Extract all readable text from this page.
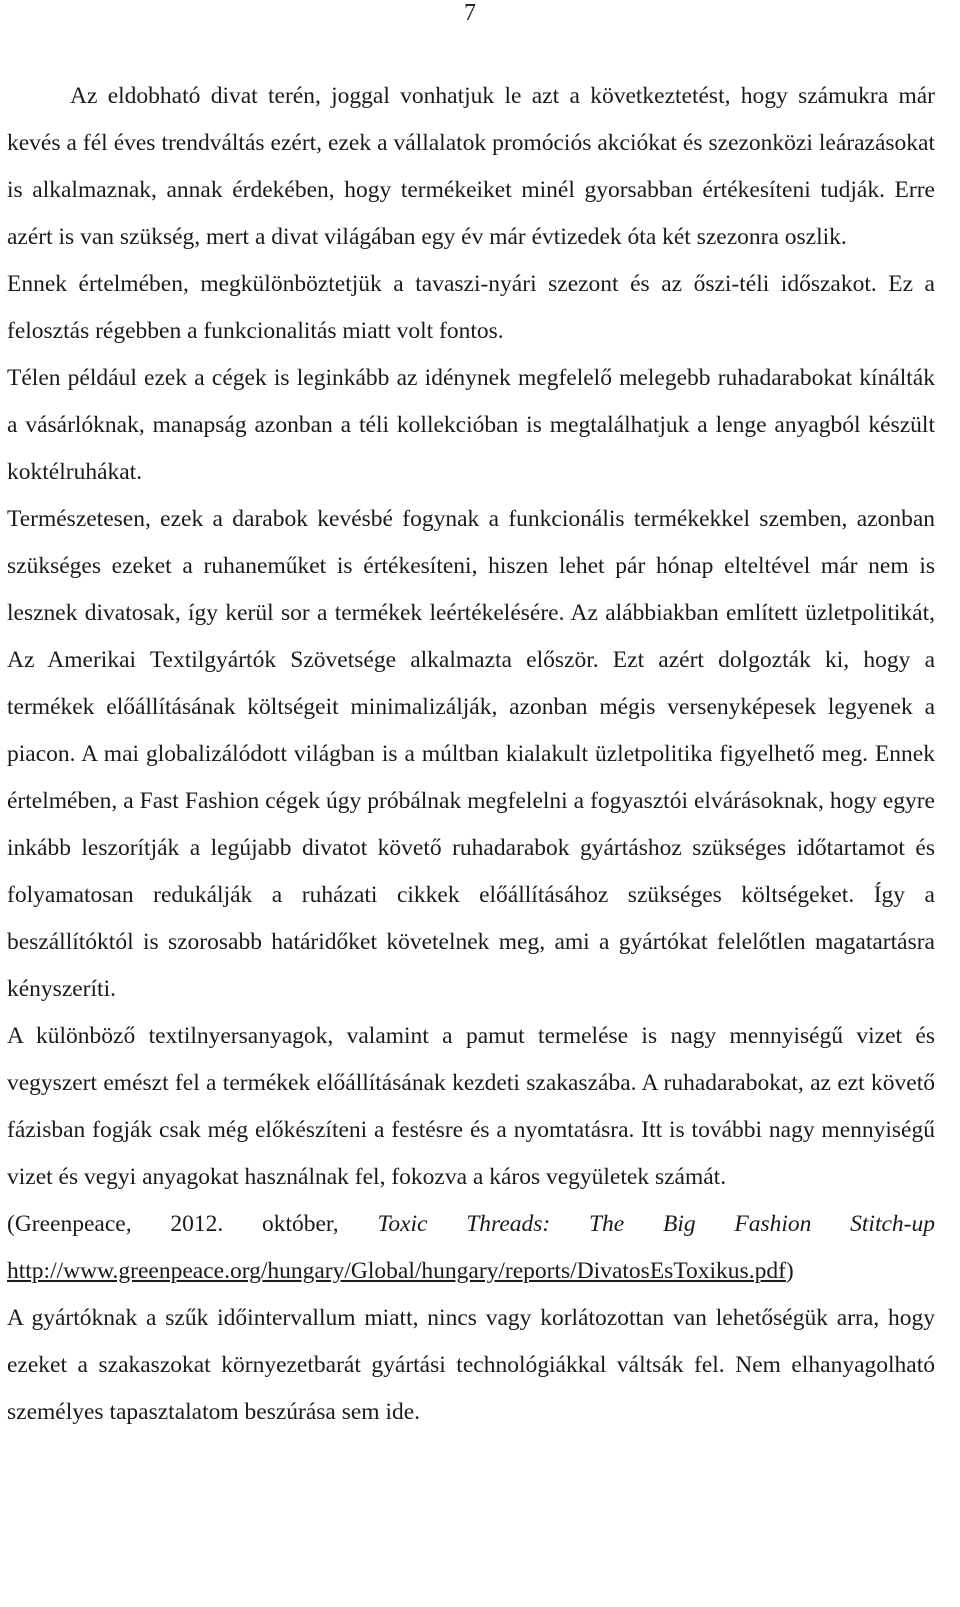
7

Az eldobható divat terén, joggal vonhatjuk le azt a következtetést, hogy számukra már kevés a fél éves trendváltás ezért, ezek a vállalatok promóciós akciókat és szezonközi leárazásokat is alkalmaznak, annak érdekében, hogy termékeiket minél gyorsabban értékesíteni tudják. Erre azért is van szükség, mert a divat világában egy év már évtizedek óta két szezonra oszlik.

Ennek értelmében, megkülönböztetjük a tavaszi-nyári szezont és az őszi-téli időszakot. Ez a felosztás régebben a funkcionalitás miatt volt fontos.

Télen például ezek a cégek is leginkább az idénynek megfelelő melegebb ruhadarabokat kínálták a vásárlóknak, manapság azonban a téli kollekcióban is megtalálhatjuk a lenge anyagból készült koktélruhákat.

Természetesen, ezek a darabok kevésbé fogynak a funkcionális termékekkel szemben, azonban szükséges ezeket a ruhaneműket is értékesíteni, hiszen lehet pár hónap elteltével már nem is lesznek divatosak, így kerül sor a termékek leértékelésére. Az alábbiakban említett üzletpolitikát, Az Amerikai Textilgyártók Szövetsége alkalmazta először. Ezt azért dolgozták ki, hogy a termékek előállításának költségeit minimalizálják, azonban mégis versenyképesek legyenek a piacon. A mai globalizálódott világban is a múltban kialakult üzletpolitika figyelhető meg. Ennek értelmében, a Fast Fashion cégek úgy próbálnak megfelelni a fogyasztói elvárásoknak, hogy egyre inkább leszorítják a legújabb divatot követő ruhadarabok gyártáshoz szükséges időtartamot és folyamatosan redukálják a ruházati cikkek előállításához szükséges költségeket. Így a beszállítóktól is szorosabb határidőket követelnek meg, ami a gyártókat felelőtlen magatartásra kényszeríti.

A különböző textilnyersanyagok, valamint a pamut termelése is nagy mennyiségű vizet és vegyszert emészt fel a termékek előállításának kezdeti szakaszába. A ruhadarabokat, az ezt követő fázisban fogják csak még előkészíteni a festésre és a nyomtatásra. Itt is további nagy mennyiségű vizet és vegyi anyagokat használnak fel, fokozva a káros vegyületek számát.

(Greenpeace, 2012. október, Toxic Threads: The Big Fashion Stitch-up http://www.greenpeace.org/hungary/Global/hungary/reports/DivatosEsToxikus.pdf)

A gyártóknak a szűk időintervallum miatt, nincs vagy korlátozottan van lehetőségük arra, hogy ezeket a szakaszokat környezetbarát gyártási technológiákkal váltsák fel. Nem elhanyagolható személyes tapasztalatom beszúrása sem ide.
